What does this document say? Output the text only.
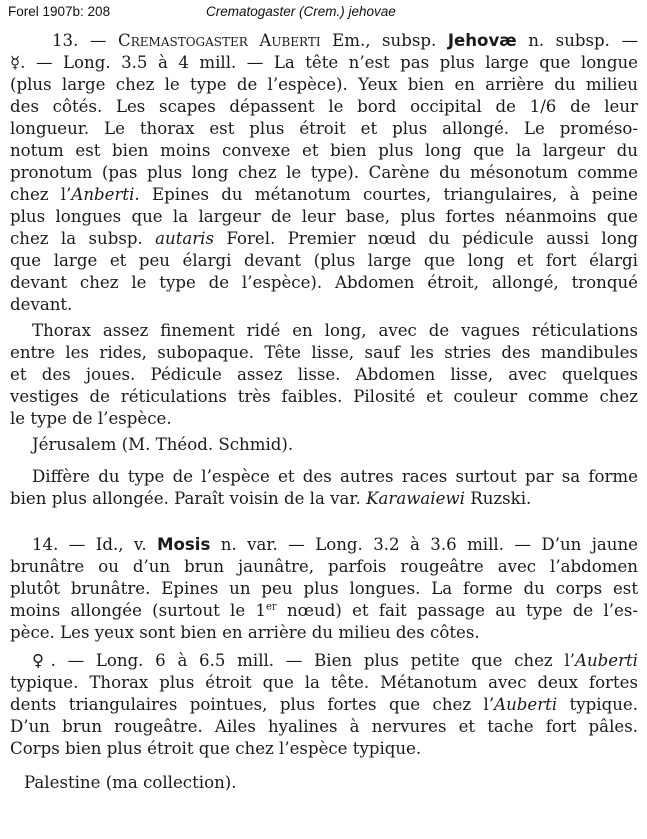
Forel 1907b: 208	Crematogaster (Crem.) jehovae
13. — Cremastogaster Auberti Em., subsp. Jehovæ n. subsp. —
☿. — Long. 3.5 à 4 mill. — La tête n’est pas plus large que longue
(plus large chez le type de l’espèce). Yeux bien en arrière du milieu
des côtés. Les scapes dépassent le bord occipital de 1/6 de leur
longueur. Le thorax est plus étroit et plus allongé. Le promésо-
notum est bien moins convexe et bien plus long que la largeur du
pronotum (pas plus long chez le type). Carène du mésonotum comme
chez l’Anberti. Epines du métanotum courtes, triangulaires, à peine
plus longues que la largeur de leur base, plus fortes néanmoins que
chez la subsp. autaris Forel. Premier nœud du pédicule aussi long
que large et peu élargi devant (plus large que long et fort élargi
devant chez le type de l’espèce). Abdomen étroit, allongé, tronqué
devant.
Thorax assez finement ridé en long, avec de vagues réticulations
entre les rides, subopaque. Tête lisse, sauf les stries des mandibules
et des joues. Pédicule assez lisse. Abdomen lisse, avec quelques
vestiges de réticulations très faibles. Pilosité et couleur comme chez
le type de l’espèce.
Jérusalem (M. Théod. Schmid).
Diffère du type de l’espèce et des autres races surtout par sa forme
bien plus allongée. Paraît voisin de la var. Karawaiewi Ruzski.
14. — Id., v. Mosis n. var. — Long. 3.2 à 3.6 mill. — D’un jaune
brunâtre ou d’un brun jaunâtre, parfois rougeâtre avec l’abdomen
plutôt brunâtre. Epines un peu plus longues. La forme du corps est
moins allongée (surtout le 1er nœud) et fait passage au type de l’es-
pèce. Les yeux sont bien en arrière du milieu des côtes.
♀. — Long. 6 à 6.5 mill. — Bien plus petite que chez l’Auberti
typique. Thorax plus étroit que la tête. Métanotum avec deux fortes
dents triangulaires pointues, plus fortes que chez l’Auberti typique.
D’un brun rougeâtre. Ailes hyalines à nervures et tache fort pâles.
Corps bien plus étroit que chez l’espèce typique.
Palestine (ma collection).
